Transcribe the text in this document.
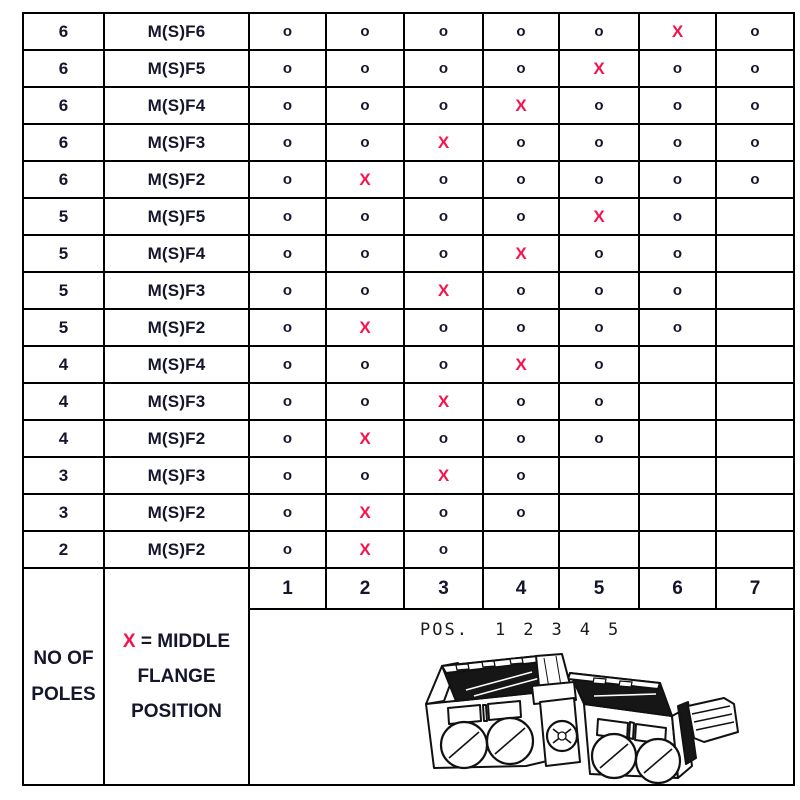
6	M(S)F6	o	o	o	o	o	X	o
6	M(S)F5	o	o	o	o	X	o	o
6	M(S)F4	o	o	o	X	o	o	o
6	M(S)F3	o	o	X	o	o	o	o
6	M(S)F2	o	X	o	o	o	o	o
5	M(S)F5	o	o	o	o	X	o	
5	M(S)F4	o	o	o	X	o	o	
5	M(S)F3	o	o	X	o	o	o	
5	M(S)F2	o	X	o	o	o	o	
4	M(S)F4	o	o	o	X	o		
4	M(S)F3	o	o	X	o	o		
4	M(S)F2	o	X	o	o	o		
3	M(S)F3	o	o	X	o			
3	M(S)F2	o	X	o	o			
2	M(S)F2	o	X	o				

NO OF
POLES

X = MIDDLE
FLANGE
POSITION
	1	2	3	4	5	6	7

POS. 1 2 3 4 5
